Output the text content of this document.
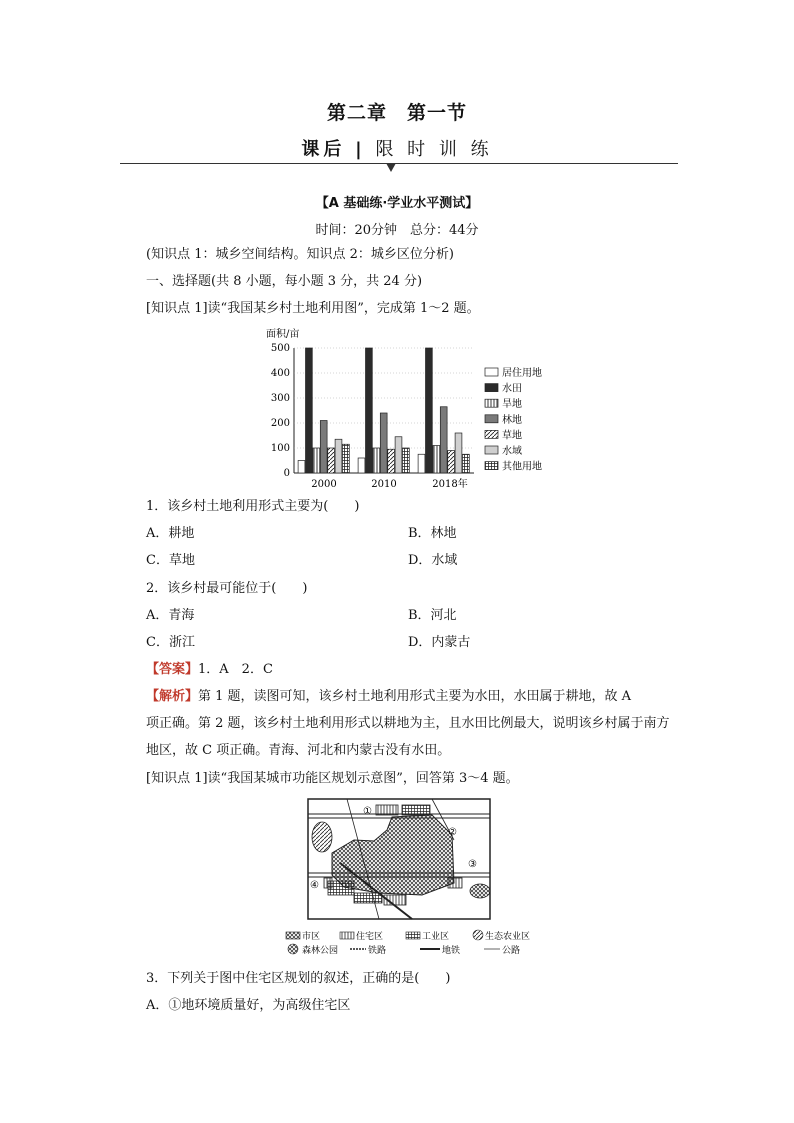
第二章　第一节
课后 | 限 时 训 练
【A 基础练·学业水平测试】
时间：20分钟　总分：44分
(知识点 1：城乡空间结构。知识点 2：城乡区位分析)
一、选择题(共 8 小题，每小题 3 分，共 24 分)
[知识点 1]读“我国某乡村土地利用图”，完成第 1～2 题。
面积/亩
0
100
200
300
400
500
2000	2010	2018年
居住用地
水田
旱地
林地
草地
水域
其他用地
1．该乡村土地利用形式主要为(　　)
A．耕地	B．林地
C．草地	D．水域
2．该乡村最可能位于(　　)
A．青海	B．河北
C．浙江	D．内蒙古
【答案】1．A　2．C
【解析】第 1 题，读图可知，该乡村土地利用形式主要为水田，水田属于耕地，故 A
项正确。第 2 题，该乡村土地利用形式以耕地为主，且水田比例最大，说明该乡村属于南方
地区，故 C 项正确。青海、河北和内蒙古没有水田。
[知识点 1]读“我国某城市功能区规划示意图”，回答第 3～4 题。
①
②
③
④
市区	住宅区	工业区	生态农业区
森林公园	铁路	地铁	公路
3．下列关于图中住宅区规划的叙述，正确的是(　　)
A．①地环境质量好，为高级住宅区
